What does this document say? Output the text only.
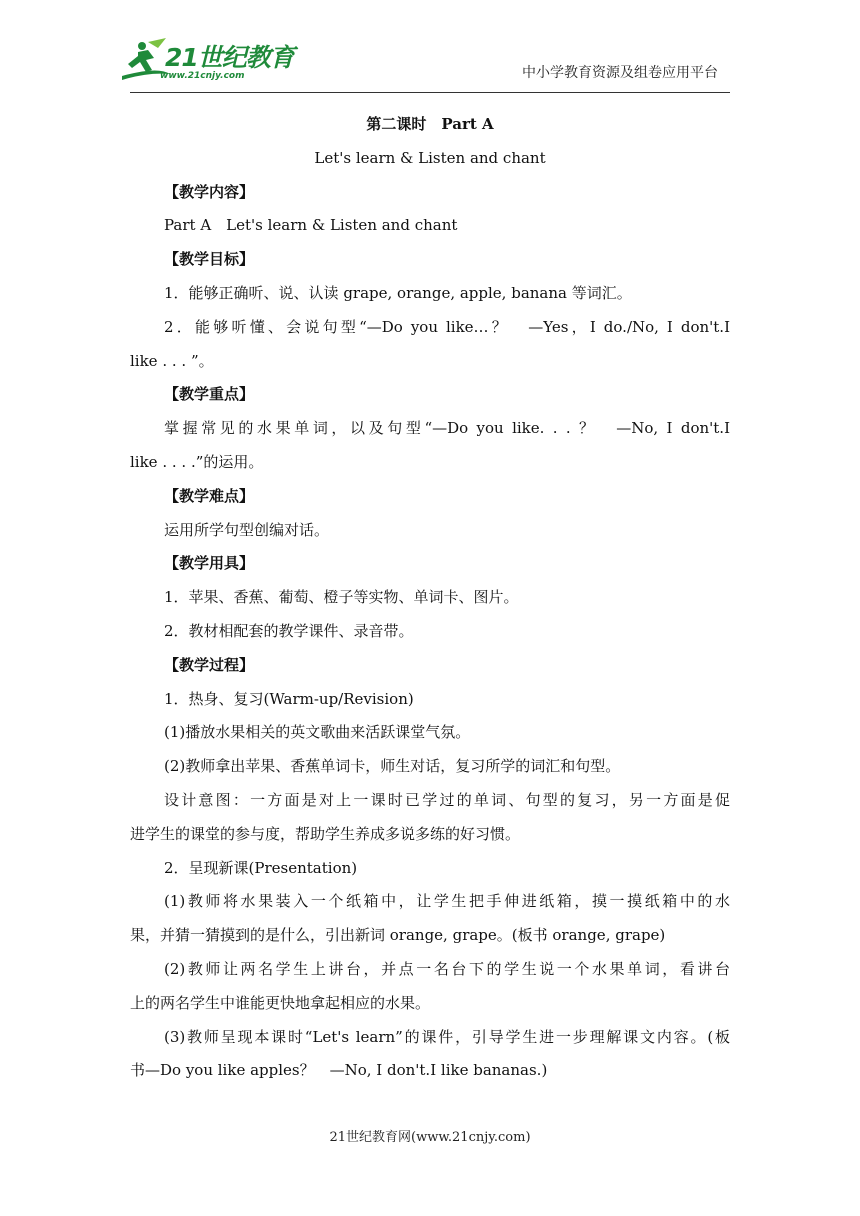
21世纪教育
www.21cnjy.com	中小学教育资源及组卷应用平台
第二课时　Part A
Let's learn & Listen and chant
【教学内容】
Part A　Let's learn & Listen and chant
【教学目标】
1．能够正确听、说、认读 grape, orange, apple, banana 等词汇。
2．能够听懂、会说句型“—Do you like…？　—Yes，I do./No, I don't.I
like . . . ”。
【教学重点】
掌握常见的水果单词，以及句型“—Do you like. . . ？　—No, I don't.I
like . . . .”的运用。
【教学难点】
运用所学句型创编对话。
【教学用具】
1．苹果、香蕉、葡萄、橙子等实物、单词卡、图片。
2．教材相配套的教学课件、录音带。
【教学过程】
1．热身、复习(Warm-up/Revision)
(1)播放水果相关的英文歌曲来活跃课堂气氛。
(2)教师拿出苹果、香蕉单词卡，师生对话，复习所学的词汇和句型。
设计意图：一方面是对上一课时已学过的单词、句型的复习，另一方面是促
进学生的课堂的参与度，帮助学生养成多说多练的好习惯。
2．呈现新课(Presentation)
(1)教师将水果装入一个纸箱中，让学生把手伸进纸箱，摸一摸纸箱中的水
果，并猜一猜摸到的是什么，引出新词 orange, grape。(板书 orange, grape)
(2)教师让两名学生上讲台，并点一名台下的学生说一个水果单词，看讲台
上的两名学生中谁能更快地拿起相应的水果。
(3)教师呈现本课时“Let's learn”的课件，引导学生进一步理解课文内容。(板
书—Do you like apples？　—No, I don't.I like bananas.)
21世纪教育网(www.21cnjy.com)
